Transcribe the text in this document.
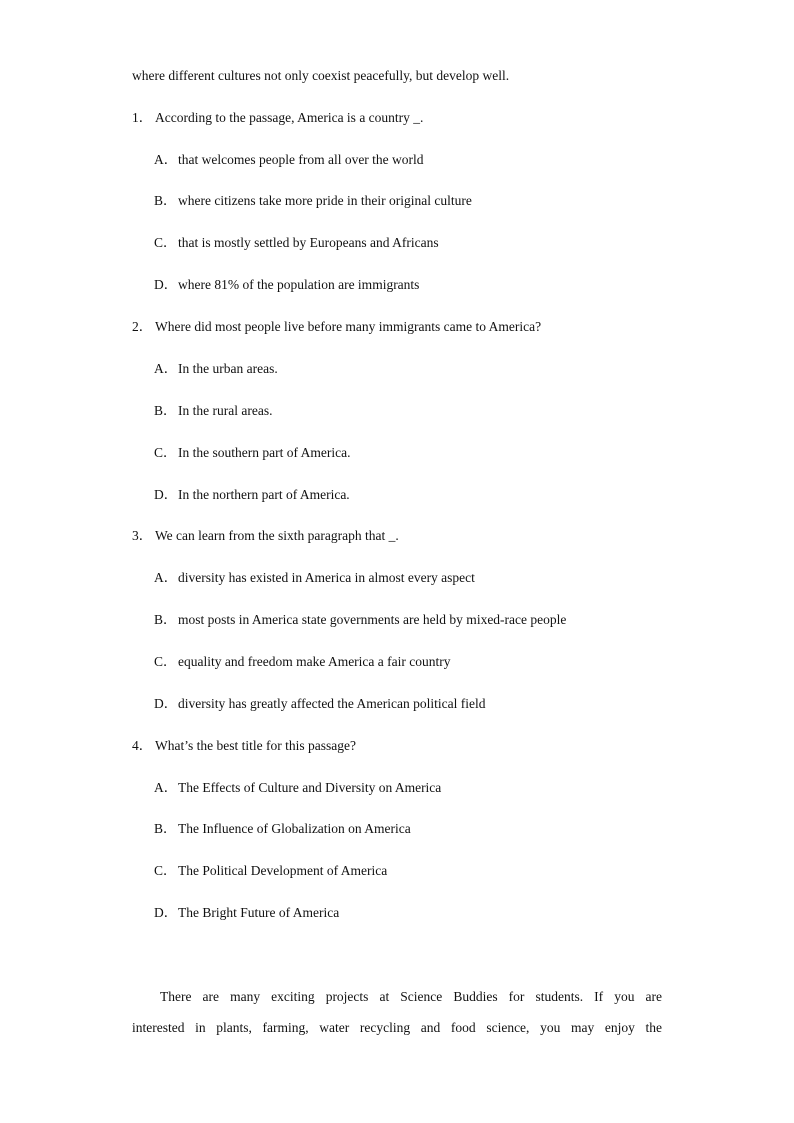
where different cultures not only coexist peacefully, but develop well.
1． According to the passage, America is a country _.
A．that welcomes people from all over the world
B．where citizens take more pride in their original culture
C．that is mostly settled by Europeans and Africans
D．where 81% of the population are immigrants
2． Where did most people live before many immigrants came to America?
A．In the urban areas.
B．In the rural areas.
C．In the southern part of America.
D．In the northern part of America.
3． We can learn from the sixth paragraph that _.
A．diversity has existed in America in almost every aspect
B．most posts in America state governments are held by mixed-race people
C．equality and freedom make America a fair country
D．diversity has greatly affected the American political field
4． What’s the best title for this passage?
A．The Effects of Culture and Diversity on America
B．The Influence of Globalization on America
C．The Political Development of America
D．The Bright Future of America
There are many exciting projects at Science Buddies for students. If you are
interested in plants, farming, water recycling and food science, you may enjoy the
